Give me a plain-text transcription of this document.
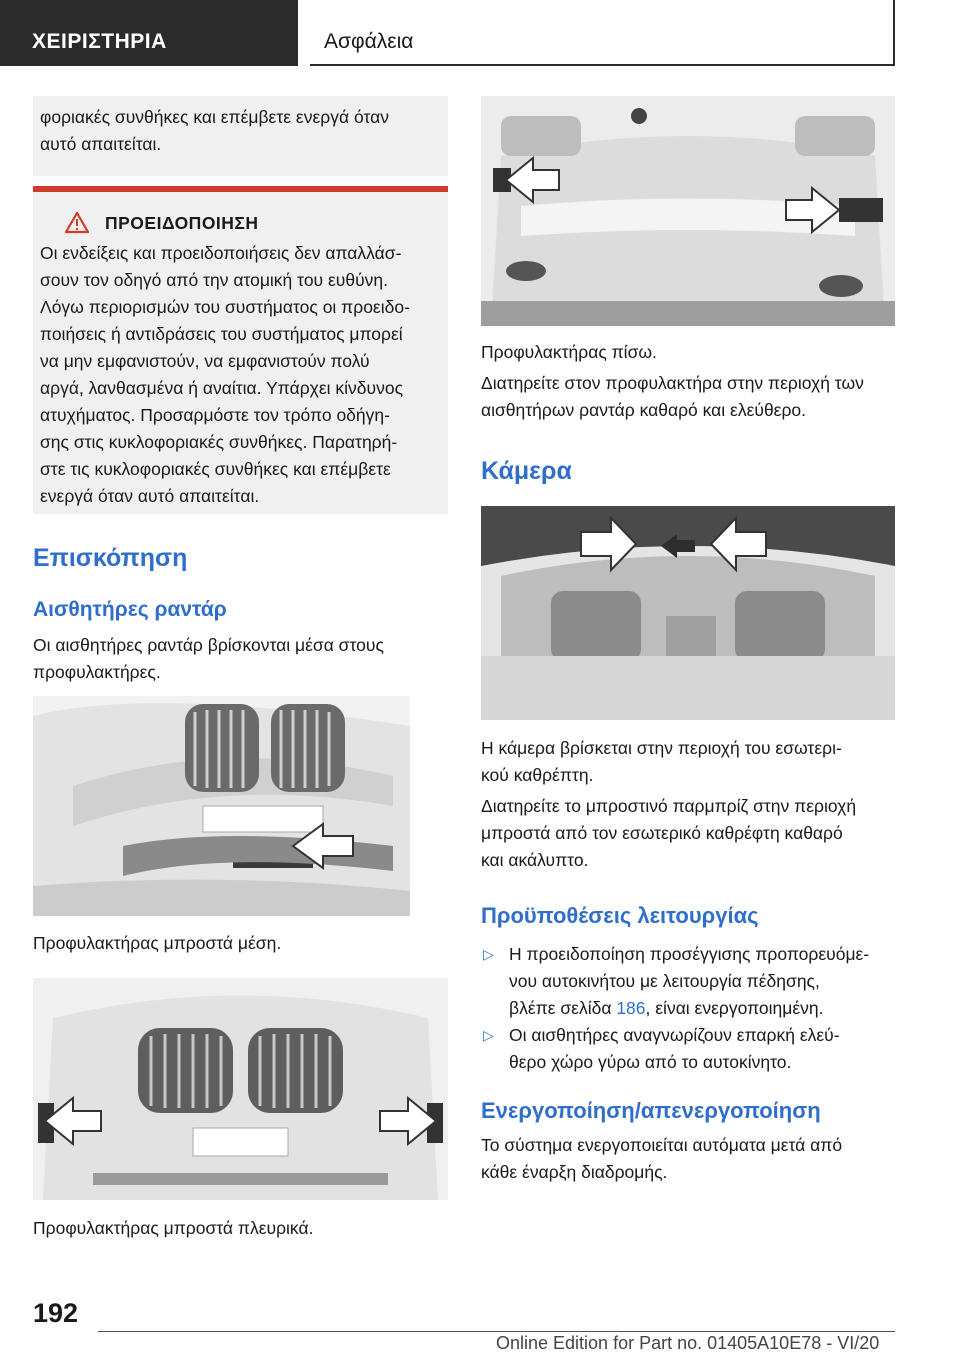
ΧΕΙΡΙΣΤΗΡΙΑ	Ασφάλεια
φοριακές συνθήκες και επέμβετε ενεργά όταν
αυτό απαιτείται.
ΠΡΟΕΙΔΟΠΟΙΗΣΗ
Οι ενδείξεις και προειδοποιήσεις δεν απαλλάσ-
σουν τον οδηγό από την ατομική του ευθύνη.
Λόγω περιορισμών του συστήματος οι προειδο-
ποιήσεις ή αντιδράσεις του συστήματος μπορεί
να μην εμφανιστούν, να εμφανιστούν πολύ
αργά, λανθασμένα ή αναίτια. Υπάρχει κίνδυνος
ατυχήματος. Προσαρμόστε τον τρόπο οδήγη-
σης στις κυκλοφοριακές συνθήκες. Παρατηρή-
στε τις κυκλοφοριακές συνθήκες και επέμβετε
ενεργά όταν αυτό απαιτείται.
Επισκόπηση
Αισθητήρες ραντάρ
Οι αισθητήρες ραντάρ βρίσκονται μέσα στους
προφυλακτήρες.
Προφυλακτήρας μπροστά μέση.
Προφυλακτήρας μπροστά πλευρικά.
Προφυλακτήρας πίσω.
Διατηρείτε στον προφυλακτήρα στην περιοχή των
αισθητήρων ραντάρ καθαρό και ελεύθερο.
Κάμερα
Η κάμερα βρίσκεται στην περιοχή του εσωτερι-
κού καθρέπτη.
Διατηρείτε το μπροστινό παρμπρίζ στην περιοχή
μπροστά από τον εσωτερικό καθρέφτη καθαρό
και ακάλυπτο.
Προϋποθέσεις λειτουργίας
▷ Η προειδοποίηση προσέγγισης προπορευόμε-
νου αυτοκινήτου με λειτουργία πέδησης,
βλέπε σελίδα 186, είναι ενεργοποιημένη.
▷ Οι αισθητήρες αναγνωρίζουν επαρκή ελεύ-
θερο χώρο γύρω από το αυτοκίνητο.
Ενεργοποίηση/απενεργοποίηση
Το σύστημα ενεργοποιείται αυτόματα μετά από
κάθε έναρξη διαδρομής.
192
Online Edition for Part no. 01405A10E78 - VI/20
